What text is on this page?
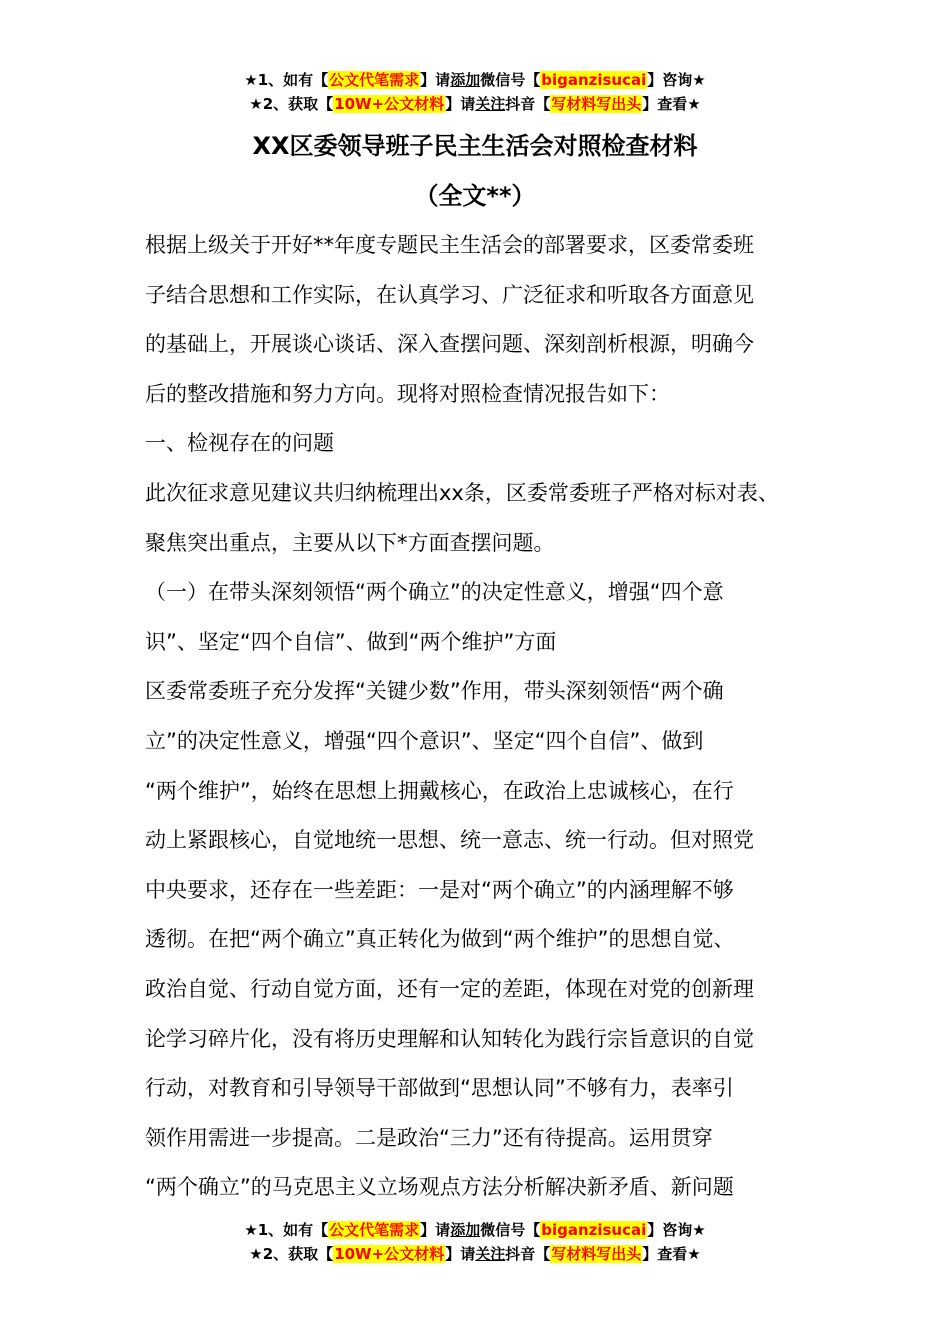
★1、如有【公文代笔需求】请添加微信号【biganzisucai】咨询★
★2、获取【10W+公文材料】请关注抖音【写材料写出头】查看★
XX区委领导班子民主生活会对照检查材料
（全文**）
根据上级关于开好**年度专题民主生活会的部署要求，区委常委班
子结合思想和工作实际，在认真学习、广泛征求和听取各方面意见
的基础上，开展谈心谈话、深入查摆问题、深刻剖析根源，明确今
后的整改措施和努力方向。现将对照检查情况报告如下：
一、检视存在的问题
此次征求意见建议共归纳梳理出xx条，区委常委班子严格对标对表、
聚焦突出重点，主要从以下*方面查摆问题。
（一）在带头深刻领悟“两个确立”的决定性意义，增强“四个意
识”、坚定“四个自信”、做到“两个维护”方面
区委常委班子充分发挥“关键少数”作用，带头深刻领悟“两个确
立”的决定性意义，增强“四个意识”、坚定“四个自信”、做到
“两个维护”，始终在思想上拥戴核心，在政治上忠诚核心，在行
动上紧跟核心，自觉地统一思想、统一意志、统一行动。但对照党
中央要求，还存在一些差距：一是对“两个确立”的内涵理解不够
透彻。在把“两个确立”真正转化为做到“两个维护”的思想自觉、
政治自觉、行动自觉方面，还有一定的差距，体现在对党的创新理
论学习碎片化，没有将历史理解和认知转化为践行宗旨意识的自觉
行动，对教育和引导领导干部做到“思想认同”不够有力，表率引
领作用需进一步提高。二是政治“三力”还有待提高。运用贯穿
“两个确立”的马克思主义立场观点方法分析解决新矛盾、新问题
★1、如有【公文代笔需求】请添加微信号【biganzisucai】咨询★
★2、获取【10W+公文材料】请关注抖音【写材料写出头】查看★
